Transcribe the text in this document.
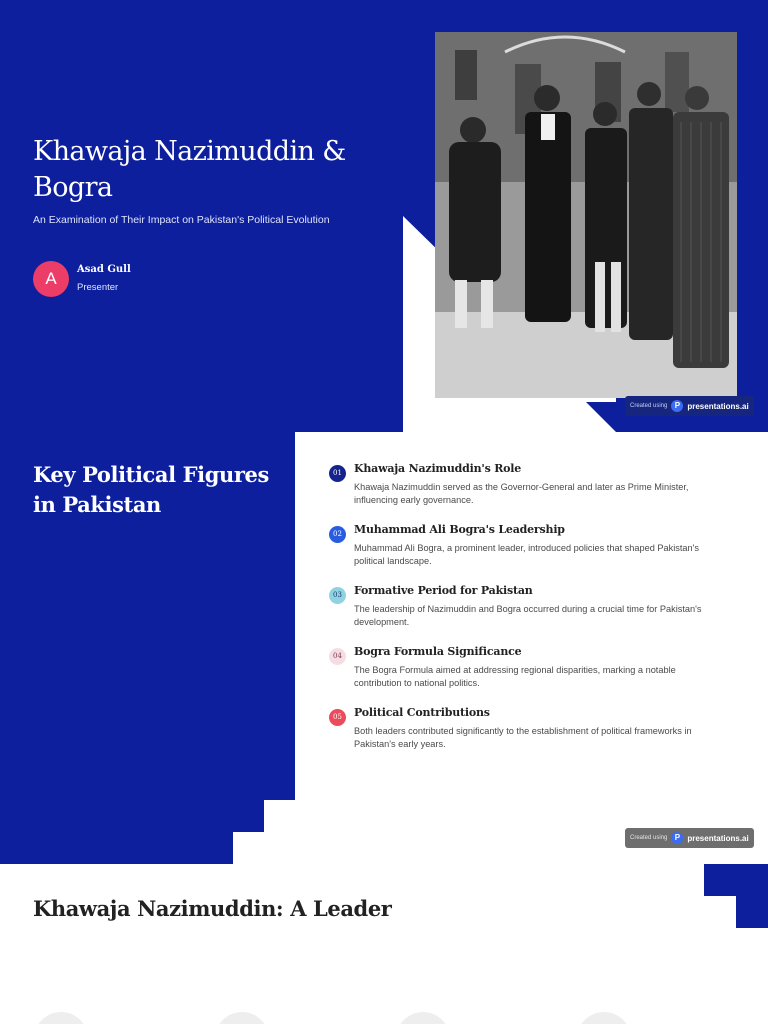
Khawaja Nazimuddin & Bogra
An Examination of Their Impact on Pakistan's Political Evolution
A	Asad Gull
Presenter
Created using P presentations.ai
Key Political Figures in Pakistan
01	Khawaja Nazimuddin's Role
Khawaja Nazimuddin served as the Governor-General and later as Prime Minister, influencing early governance.
02	Muhammad Ali Bogra's Leadership
Muhammad Ali Bogra, a prominent leader, introduced policies that shaped Pakistan's political landscape.
03	Formative Period for Pakistan
The leadership of Nazimuddin and Bogra occurred during a crucial time for Pakistan's development.
04	Bogra Formula Significance
The Bogra Formula aimed at addressing regional disparities, marking a notable contribution to national politics.
05	Political Contributions
Both leaders contributed significantly to the establishment of political frameworks in Pakistan's early years.
Created using P presentations.ai
Khawaja Nazimuddin: A Leader
